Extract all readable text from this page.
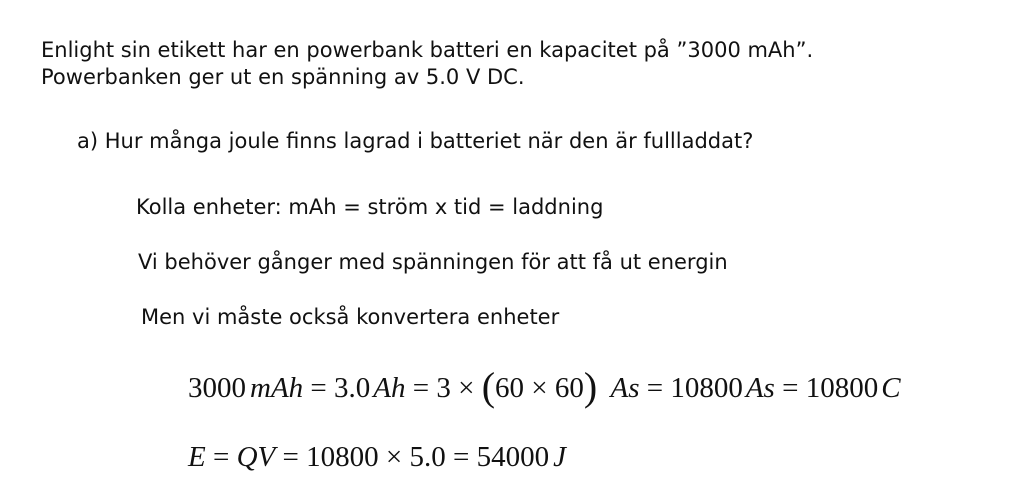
Enlight sin etikett har en powerbank batteri en kapacitet på ”3000 mAh”.
Powerbanken ger ut en spänning av 5.0 V DC.
a) Hur många joule finns lagrad i batteriet när den är fullladdat?
Kolla enheter: mAh = ström x tid = laddning
Vi behöver gånger med spänningen för att få ut energin
Men vi måste också konvertera enheter
3000 mAh = 3.0 Ah = 3 × (60 × 60) As = 10800 As = 10800 C
E = QV = 10800 × 5.0 = 54000 J
